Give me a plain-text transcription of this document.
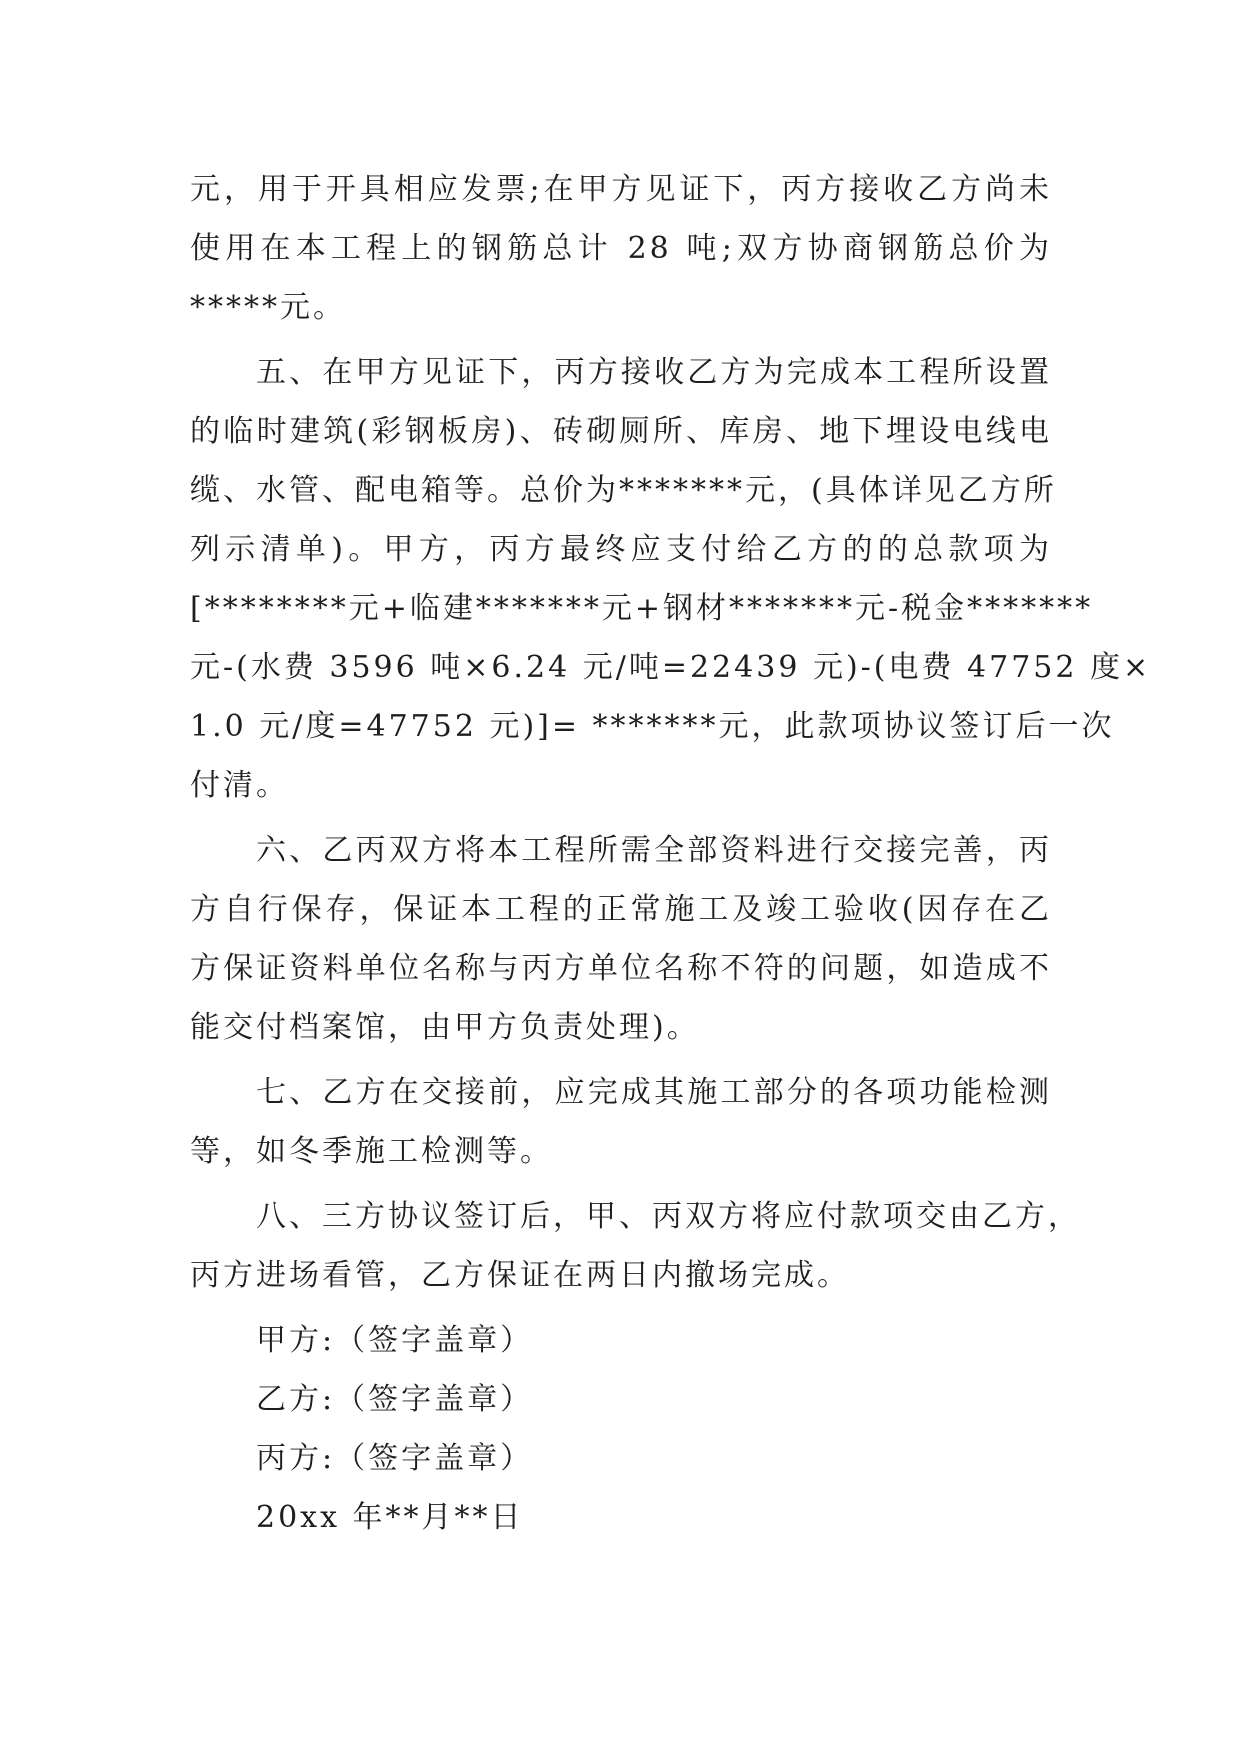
元，用于开具相应发票;在甲方见证下，丙方接收乙方尚未
使用在本工程上的钢筋总计 28 吨;双方协商钢筋总价为
*****元。
五、在甲方见证下，丙方接收乙方为完成本工程所设置
的临时建筑(彩钢板房)、砖砌厕所、库房、地下埋设电线电
缆、水管、配电箱等。总价为*******元，(具体详见乙方所
列示清单)。甲方，丙方最终应支付给乙方的的总款项为
[********元+临建*******元+钢材*******元-税金*******
元-(水费 3596 吨×6.24 元/吨=22439 元)-(电费 47752 度×
1.0 元/度=47752 元)]= *******元，此款项协议签订后一次
付清。
六、乙丙双方将本工程所需全部资料进行交接完善，丙
方自行保存，保证本工程的正常施工及竣工验收(因存在乙
方保证资料单位名称与丙方单位名称不符的问题，如造成不
能交付档案馆，由甲方负责处理)。
七、乙方在交接前，应完成其施工部分的各项功能检测
等，如冬季施工检测等。
八、三方协议签订后，甲、丙双方将应付款项交由乙方，
丙方进场看管，乙方保证在两日内撤场完成。
甲方:（签字盖章）
乙方:（签字盖章）
丙方:（签字盖章）
20xx 年**月**日
